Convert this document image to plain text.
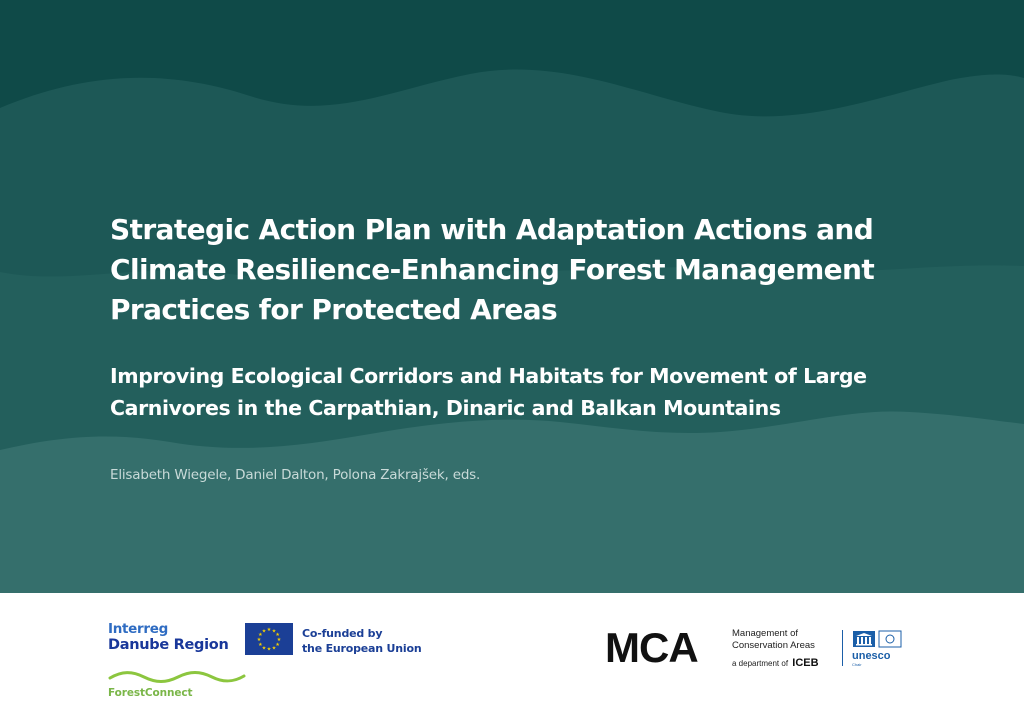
Strategic Action Plan with Adaptation Actions and Climate Resilience-Enhancing Forest Management Practices for Protected Areas
Improving Ecological Corridors and Habitats for Movement of Large Carnivores in the Carpathian, Dinaric and Balkan Mountains
Elisabeth Wiegele, Daniel Dalton, Polona Zakrajšek, eds.
Interreg
Danube Region
★ ★
★
★
★
★
★
★
★
★
★
★	Co-funded by
the European Union
ForestConnect
MCA	Management of
Conservation Areas
a department of ICEB
unesco
Chair
